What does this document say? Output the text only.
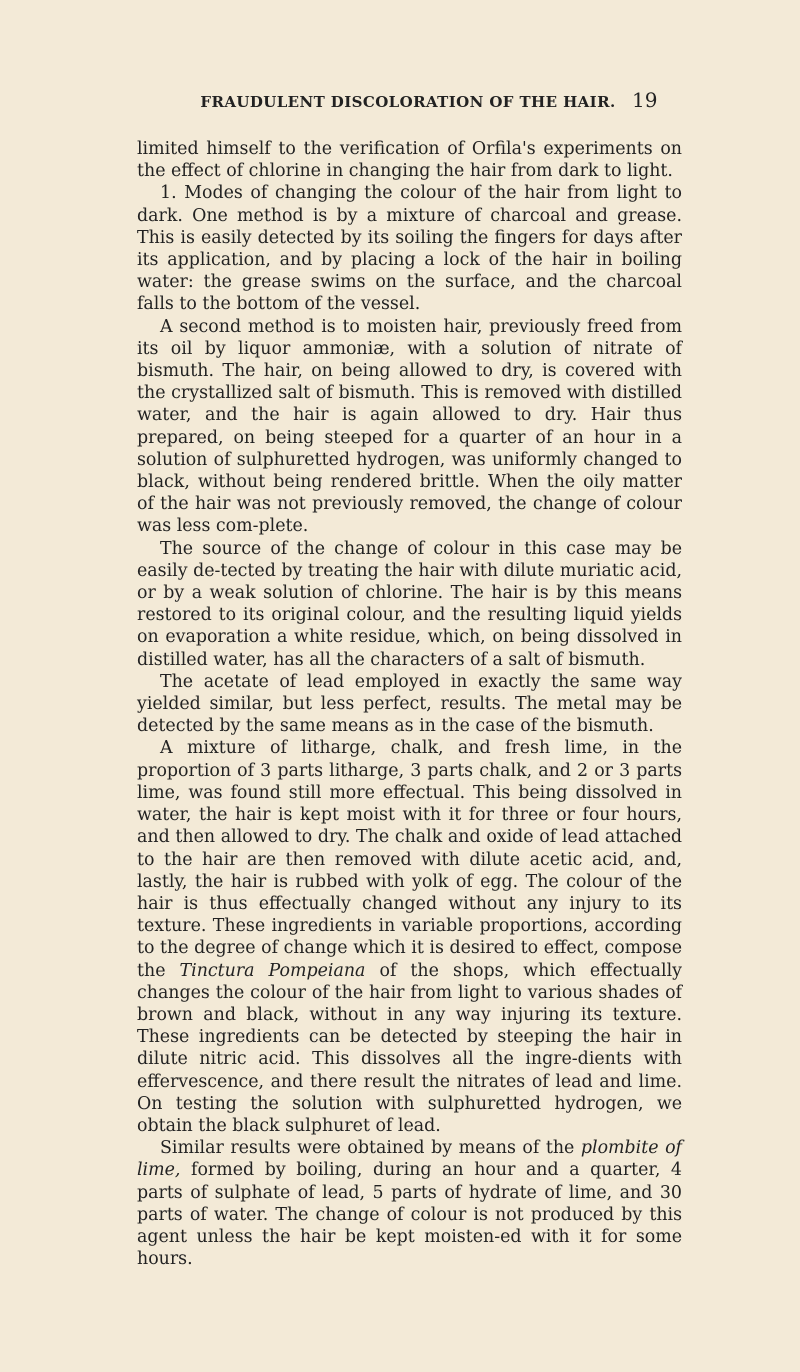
FRAUDULENT DISCOLORATION OF THE HAIR. 19

limited himself to the verification of Orfila's experiments on the effect of chlorine in changing the hair from dark to light.

1. Modes of changing the colour of the hair from light to dark. One method is by a mixture of charcoal and grease. This is easily detected by its soiling the fingers for days after its application, and by placing a lock of the hair in boiling water: the grease swims on the surface, and the charcoal falls to the bottom of the vessel.

A second method is to moisten hair, previously freed from its oil by liquor ammoniæ, with a solution of nitrate of bismuth. The hair, on being allowed to dry, is covered with the crystallized salt of bismuth. This is removed with distilled water, and the hair is again allowed to dry. Hair thus prepared, on being steeped for a quarter of an hour in a solution of sulphuretted hydrogen, was uniformly changed to black, without being rendered brittle. When the oily matter of the hair was not previously removed, the change of colour was less com-plete.

The source of the change of colour in this case may be easily de-tected by treating the hair with dilute muriatic acid, or by a weak solution of chlorine. The hair is by this means restored to its original colour, and the resulting liquid yields on evaporation a white residue, which, on being dissolved in distilled water, has all the characters of a salt of bismuth.

The acetate of lead employed in exactly the same way yielded similar, but less perfect, results. The metal may be detected by the same means as in the case of the bismuth.

A mixture of litharge, chalk, and fresh lime, in the proportion of 3 parts litharge, 3 parts chalk, and 2 or 3 parts lime, was found still more effectual. This being dissolved in water, the hair is kept moist with it for three or four hours, and then allowed to dry. The chalk and oxide of lead attached to the hair are then removed with dilute acetic acid, and, lastly, the hair is rubbed with yolk of egg. The colour of the hair is thus effectually changed without any injury to its texture. These ingredients in variable proportions, according to the degree of change which it is desired to effect, compose the Tinctura Pompeiana of the shops, which effectually changes the colour of the hair from light to various shades of brown and black, without in any way injuring its texture. These ingredients can be detected by steeping the hair in dilute nitric acid. This dissolves all the ingre-dients with effervescence, and there result the nitrates of lead and lime. On testing the solution with sulphuretted hydrogen, we obtain the black sulphuret of lead.

Similar results were obtained by means of the plombite of lime, formed by boiling, during an hour and a quarter, 4 parts of sulphate of lead, 5 parts of hydrate of lime, and 30 parts of water. The change of colour is not produced by this agent unless the hair be kept moisten-ed with it for some hours.
